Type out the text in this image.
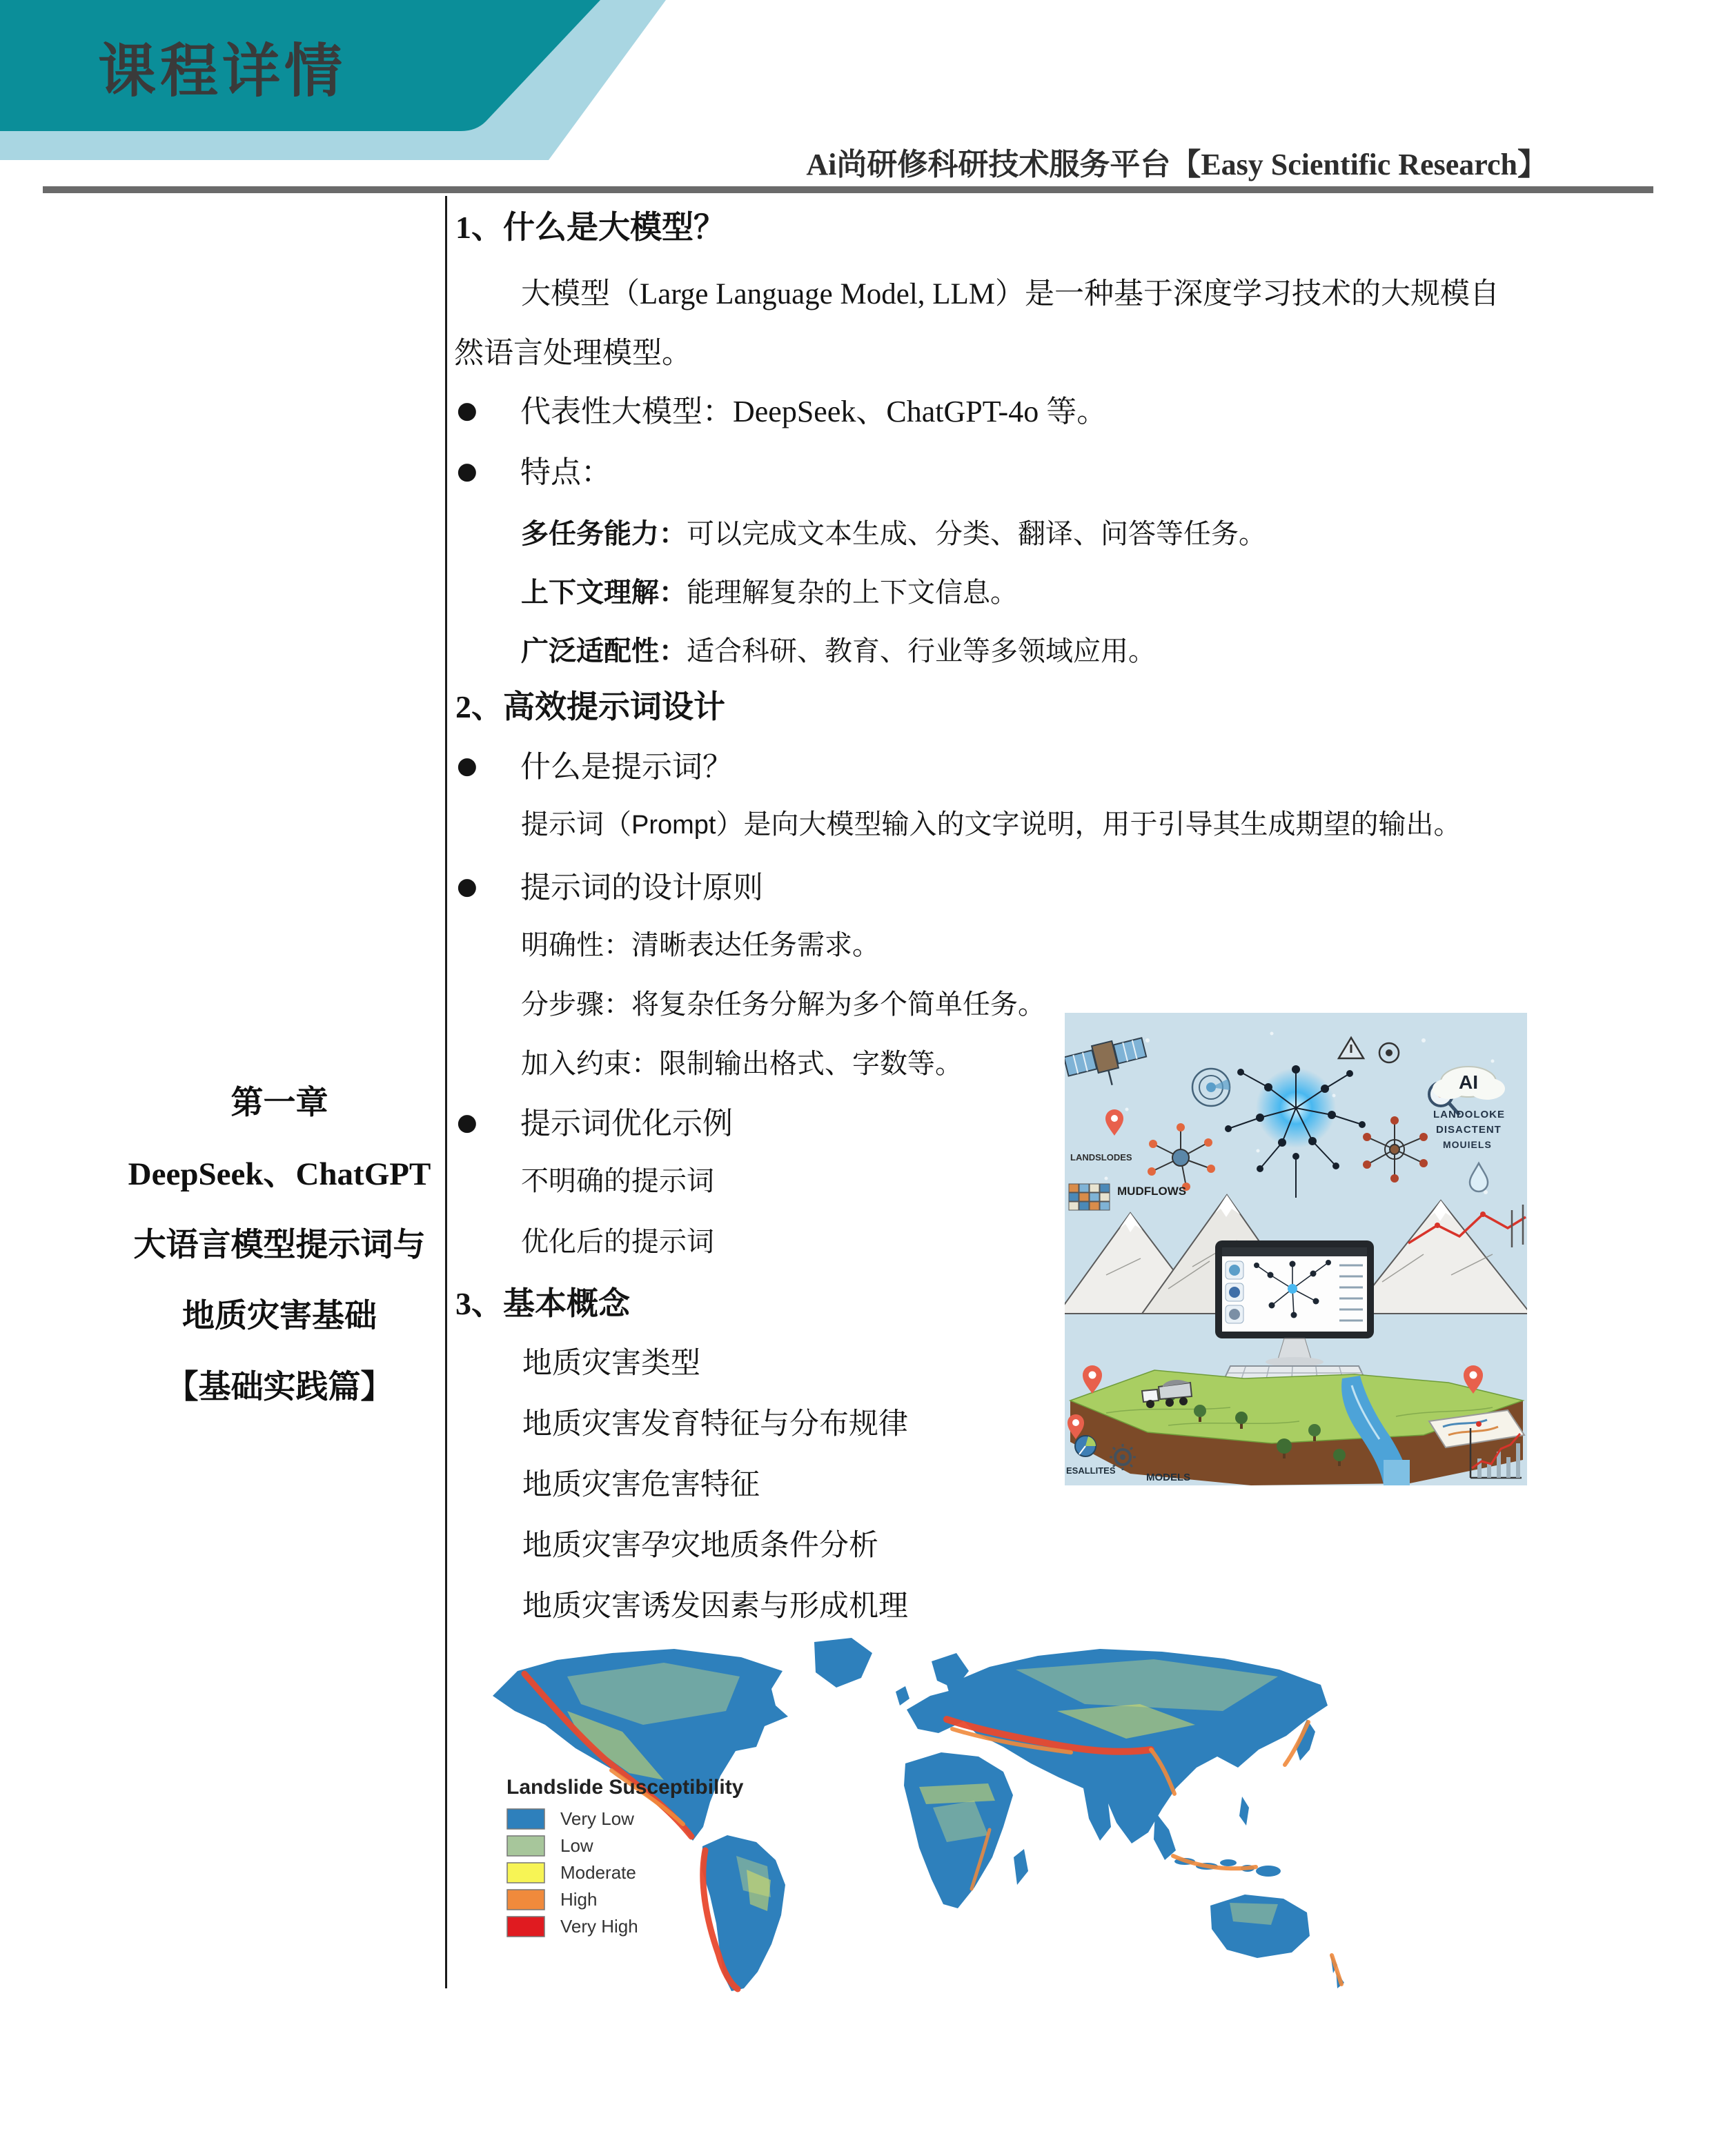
课程详情
Ai尚研修科研技术服务平台【Easy Scientific Research】
第一章
DeepSeek、ChatGPT
大语言模型提示词与
地质灾害基础
【基础实践篇】
1、什么是大模型？
大模型（Large Language Model, LLM）是一种基于深度学习技术的大规模自
然语言处理模型。
● 代表性大模型：DeepSeek、ChatGPT-4o 等。
● 特点：
多任务能力：可以完成文本生成、分类、翻译、问答等任务。
上下文理解：能理解复杂的上下文信息。
广泛适配性：适合科研、教育、行业等多领域应用。
2、高效提示词设计
● 什么是提示词？
提示词（Prompt）是向大模型输入的文字说明，用于引导其生成期望的输出。
● 提示词的设计原则
明确性：清晰表达任务需求。
分步骤：将复杂任务分解为多个简单任务。
加入约束：限制输出格式、字数等。
● 提示词优化示例
不明确的提示词
优化后的提示词
3、基本概念
地质灾害类型
地质灾害发育特征与分布规律
地质灾害危害特征
地质灾害孕灾地质条件分析
地质灾害诱发因素与形成机理
AI
LANDOLOKE
DISACTENT
MOUIELS
LANDSLODES
MUDFLOWS
ESALLITES
MODELS
Landslide Susceptibility
Very Low
Low
Moderate
High
Very High
